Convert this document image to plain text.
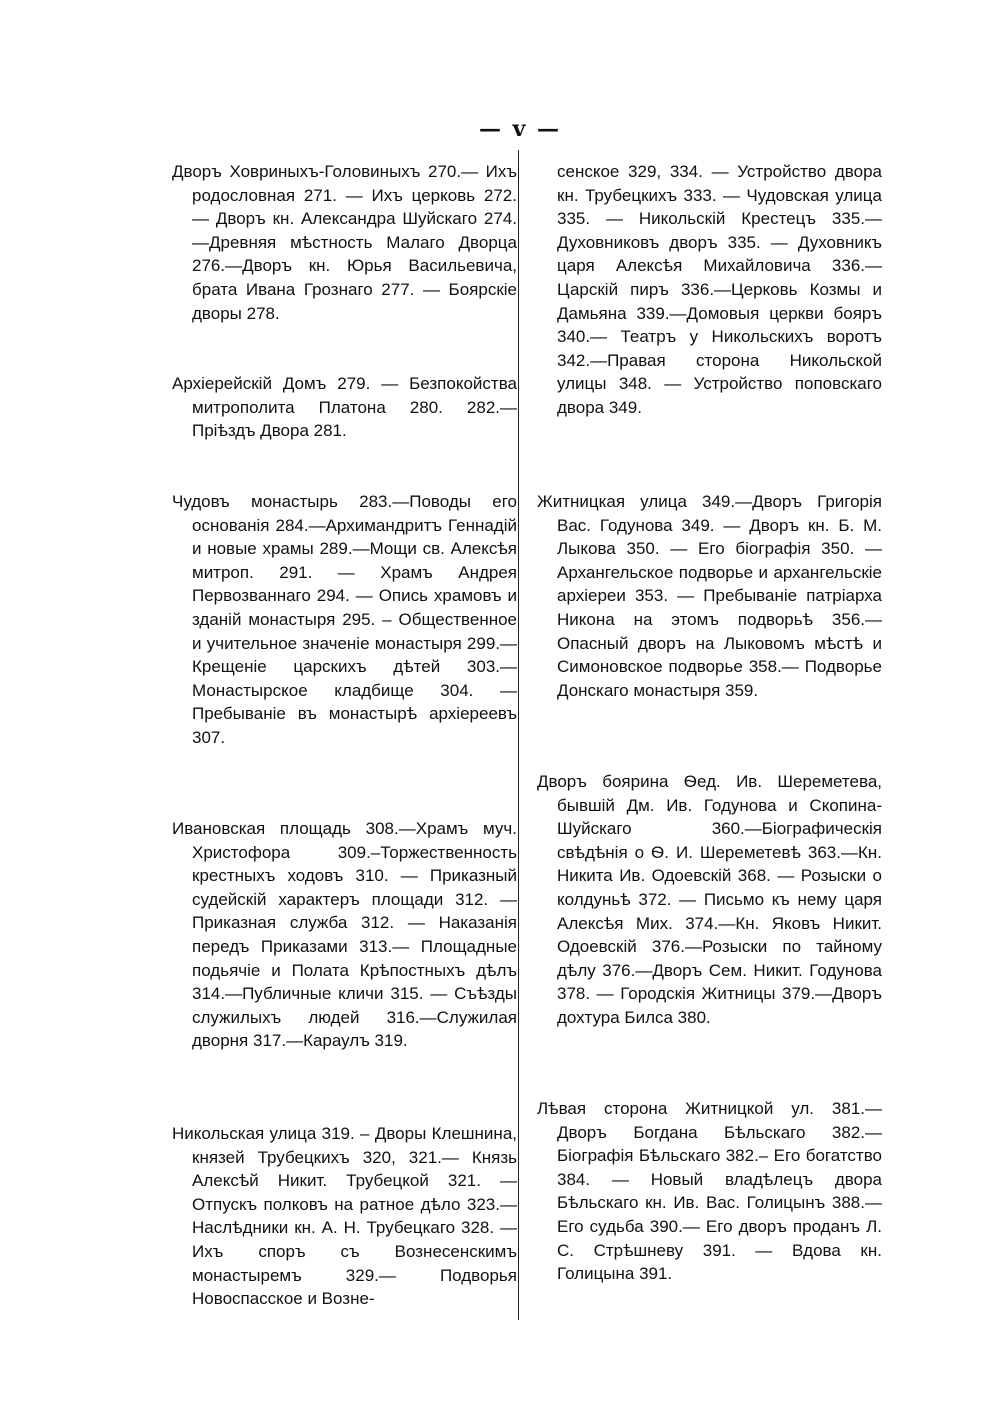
— v —

Дворъ Ховриныхъ-Головиныхъ 270.— Ихъ родословная 271. — Ихъ церковь 272. — Дворъ кн. Александра Шуйскаго 274.—Древняя мѣстность Малаго Дворца 276.—Дворъ кн. Юрья Васильевича, брата Ивана Грознаго 277. — Боярскіе дворы 278.

Архіерейскій Домъ 279. — Безпокойства митрополита Платона 280. 282.—Пріѣздъ Двора 281.

Чудовъ монастырь 283.—Поводы его основанія 284.—Архимандритъ Геннадій и новые храмы 289.—Мощи св. Алексѣя митроп. 291. — Храмъ Андрея Первозваннаго 294. — Опись храмовъ и зданій монастыря 295. – Общественное и учительное значеніе монастыря 299.— Крещеніе царскихъ дѣтей 303.— Монастырское кладбище 304. — Пребываніе въ монастырѣ архіереевъ 307.

Ивановская площадь 308.—Храмъ муч. Христофора 309.–Торжественность крестныхъ ходовъ 310. — Приказный судейскій характеръ площади 312. — Приказная служба 312. — Наказанія передъ Приказами 313.— Площадные подьячіе и Полата Крѣпостныхъ дѣлъ 314.—Публичные кличи 315. — Съѣзды служилыхъ людей 316.—Служилая дворня 317.—Караулъ 319.

Никольская улица 319. – Дворы Клешнина, князей Трубецкихъ 320, 321.— Князь Алексѣй Никит. Трубецкой 321. — Отпускъ полковъ на ратное дѣло 323.—Наслѣдники кн. А. Н. Трубецкаго 328. — Ихъ споръ съ Вознесенскимъ монастыремъ 329.— Подворья Новоспасское и Возне-

сенское 329, 334. — Устройство двора кн. Трубецкихъ 333. — Чудовская улица 335. — Никольскій Крестецъ 335.—Духовниковъ дворъ 335. — Духовникъ царя Алексѣя Михайловича 336.—Царскій пиръ 336.—Церковь Козмы и Дамьяна 339.—Домовыя церкви бояръ 340.— Театръ у Никольскихъ воротъ 342.—Правая сторона Никольской улицы 348. — Устройство поповскаго двора 349.

Житницкая улица 349.—Дворъ Григорія Вас. Годунова 349. — Дворъ кн. Б. М. Лыкова 350. — Его біографія 350. — Архангельское подворье и архангельскіе архіереи 353. — Пребываніе патріарха Никона на этомъ подворьѣ 356.— Опасный дворъ на Лыковомъ мѣстѣ и Симоновское подворье 358.— Подворье Донскаго монастыря 359.

Дворъ боярина Ѳед. Ив. Шереметева, бывшій Дм. Ив. Годунова и Скопина-Шуйскаго 360.—Біографическія свѣдѣнія о Ѳ. И. Шереметевѣ 363.—Кн. Никита Ив. Одоевскій 368. — Розыски о колдуньѣ 372. — Письмо къ нему царя Алексѣя Мих. 374.—Кн. Яковъ Никит. Одоевскій 376.—Розыски по тайному дѣлу 376.—Дворъ Сем. Никит. Годунова 378. — Городскія Житницы 379.—Дворъ дохтура Билса 380.

Лѣвая сторона Житницкой ул. 381.— Дворъ Богдана Бѣльскаго 382.— Біографія Бѣльскаго 382.– Его богатство 384. — Новый владѣлецъ двора Бѣльскаго кн. Ив. Вас. Голицынъ 388.—Его судьба 390.— Его дворъ проданъ Л. С. Стрѣшневу 391. — Вдова кн. Голицына 391.
